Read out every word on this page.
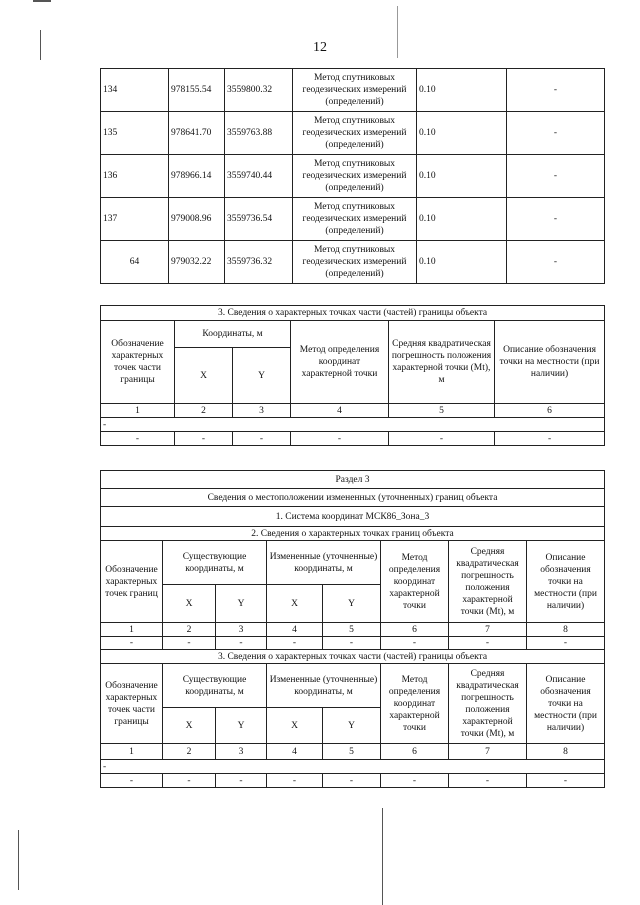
12
134	978155.54	3559800.32	Метод спутниковых геодезических измерений (определений)	0.10	-
135	978641.70	3559763.88	Метод спутниковых геодезических измерений (определений)	0.10	-
136	978966.14	3559740.44	Метод спутниковых геодезических измерений (определений)	0.10	-
137	979008.96	3559736.54	Метод спутниковых геодезических измерений (определений)	0.10	-
64	979032.22	3559736.32	Метод спутниковых геодезических измерений (определений)	0.10	-
3. Сведения о характерных точках части (частей) границы объекта					
Обозначение характерных точек части границы	Координаты, м		Метод определения координат характерной точки	Средняя квадратическая погрешность положения характерной точки (Mt), м	Описание обозначения точки на местности (при наличии)
	X	Y			
1	2	3	4	5	6
-					
-	-	-	-	-	-
Раздел 3							
Сведения о местоположении измененных (уточненных) границ объекта							
1. Система координат МСК86_Зона_3							
2. Сведения о характерных точках границ объекта							
Обозначение характерных точек границ	Существующие координаты, м		Измененные (уточненные) координаты, м		Метод определения координат характерной точки	Средняя квадратическая погрешность положения характерной точки (Mt), м	Описание обозначения точки на местности (при наличии)
	X	Y	X	Y			
1	2	3	4	5	6	7	8
-	-	-	-	-	-	-	-
3. Сведения о характерных точках части (частей) границы объекта							
Обозначение характерных точек части границы	Существующие координаты, м		Измененные (уточненные) координаты, м		Метод определения координат характерной точки	Средняя квадратическая погрешность положения характерной точки (Mt), м	Описание обозначения точки на местности (при наличии)
	X	Y	X	Y			
1	2	3	4	5	6	7	8
-							
-	-	-	-	-	-	-	-
